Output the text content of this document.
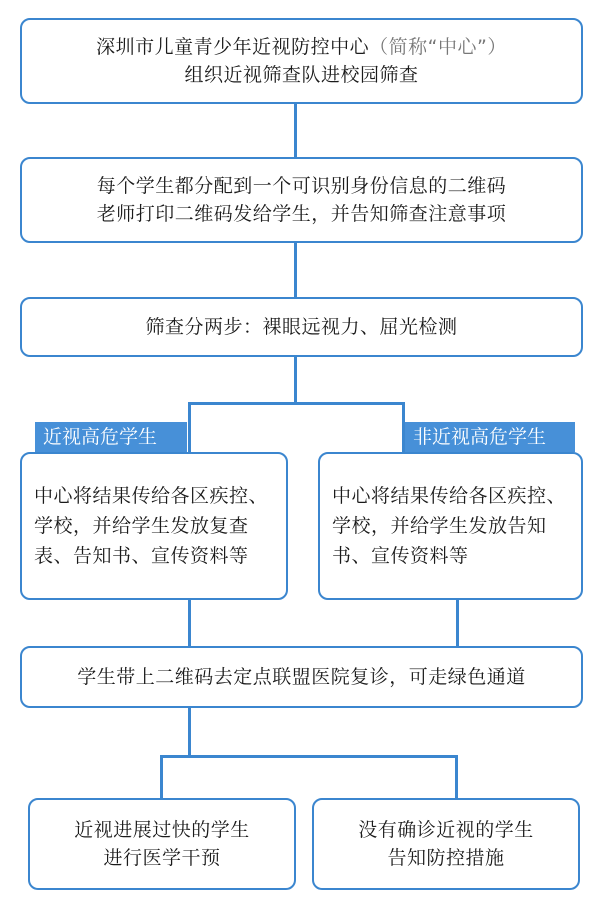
深圳市儿童青少年近视防控中心（简称“中心”）
组织近视筛查队进校园筛查
每个学生都分配到一个可识别身份信息的二维码
老师打印二维码发给学生，并告知筛查注意事项
筛查分两步：裸眼远视力、屈光检测
近视高危学生	非近视高危学生
中心将结果传给各区疾控、学校，并给学生发放复查表、告知书、宣传资料等
中心将结果传给各区疾控、学校，并给学生发放告知书、宣传资料等
学生带上二维码去定点联盟医院复诊，可走绿色通道
近视进展过快的学生
进行医学干预
没有确诊近视的学生
告知防控措施
